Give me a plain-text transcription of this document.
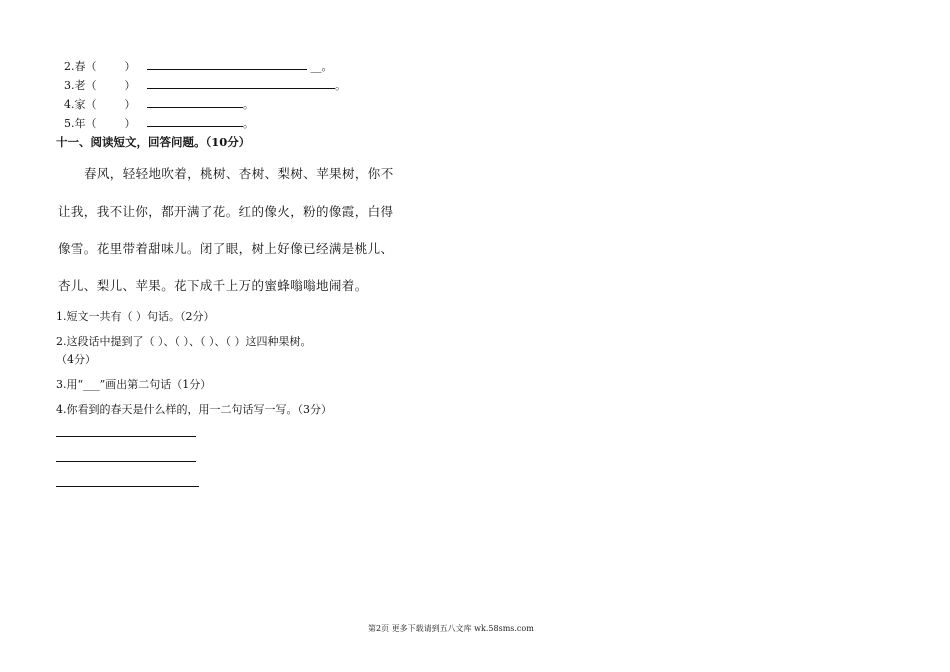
2.春（	）	__。
3.老（	）	。
4.家（	）	。
5.年（	）	。
十一、阅读短文，回答问题。（10分）
春风，轻轻地吹着，桃树、杏树、梨树、苹果树，你不
让我，我不让你，都开满了花。红的像火，粉的像霞，白得
像雪。花里带着甜味儿。闭了眼，树上好像已经满是桃儿、
杏儿、梨儿、苹果。花下成千上万的蜜蜂嗡嗡地闹着。
1.短文一共有（ ）句话。（2分）
2.这段话中提到了（ ）、（ ）、（ ）、（ ）这四种果树。
（4分）
3.用“___”画出第二句话（1分）
4.你看到的春天是什么样的，用一二句话写一写。（3分）
第2页 更多下载请到五八文库 wk.58sms.com
